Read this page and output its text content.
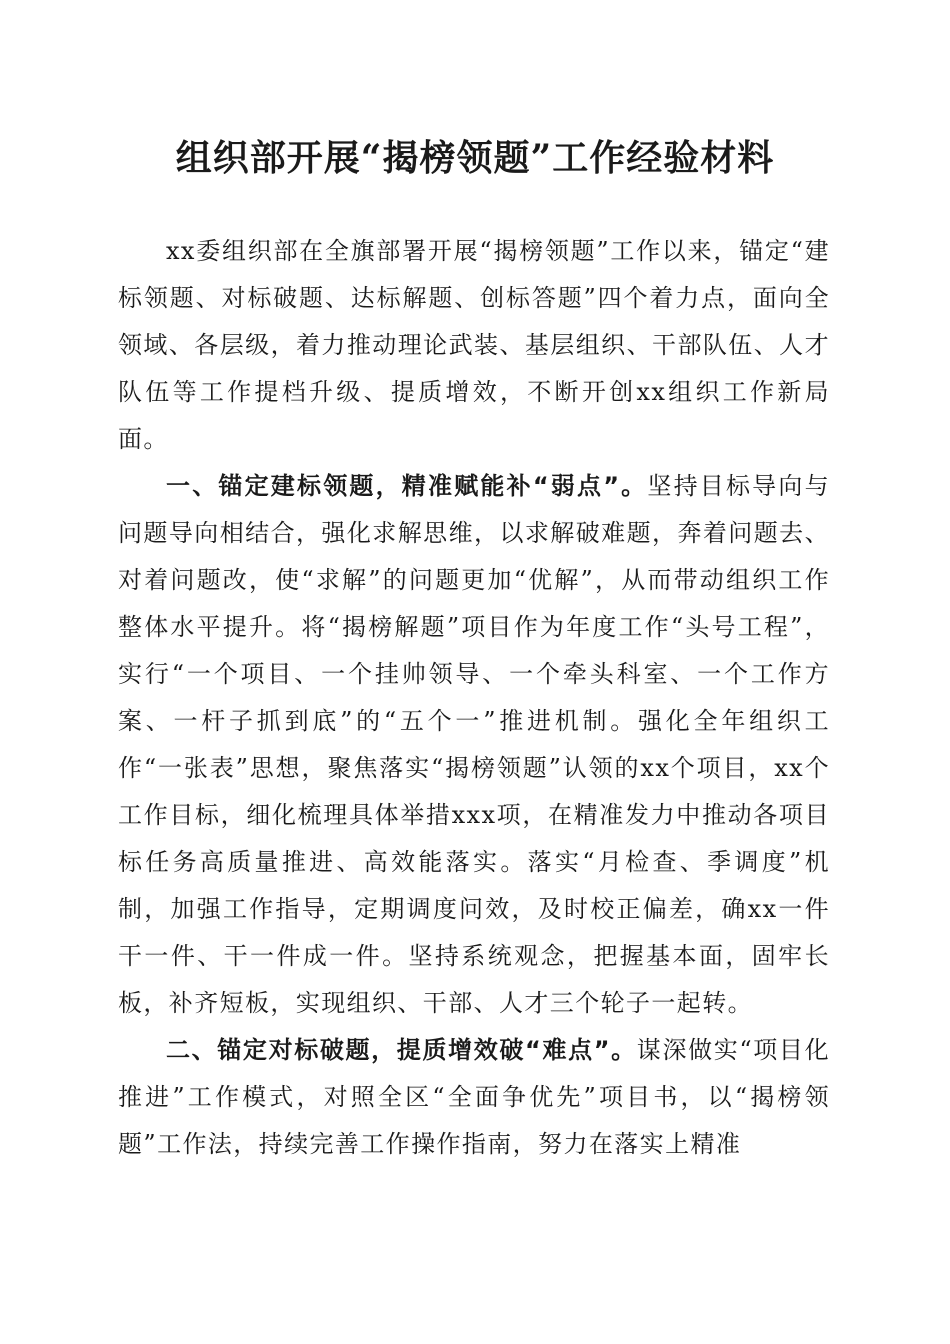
组织部开展“揭榜领题”工作经验材料

xx委组织部在全旗部署开展“揭榜领题”工作以来，锚定“建标领题、对标破题、达标解题、创标答题”四个着力点，面向全领域、各层级，着力推动理论武装、基层组织、干部队伍、人才队伍等工作提档升级、提质增效，不断开创xx组织工作新局面。

一、锚定建标领题，精准赋能补“弱点”。坚持目标导向与问题导向相结合，强化求解思维，以求解破难题，奔着问题去、对着问题改，使“求解”的问题更加“优解”，从而带动组织工作整体水平提升。将“揭榜解题”项目作为年度工作“头号工程”，实行“一个项目、一个挂帅领导、一个牵头科室、一个工作方案、一杆子抓到底”的“五个一”推进机制。强化全年组织工作“一张表”思想，聚焦落实“揭榜领题”认领的xx个项目，xx个工作目标，细化梳理具体举措xxx项，在精准发力中推动各项目标任务高质量推进、高效能落实。落实“月检查、季调度”机制，加强工作指导，定期调度问效，及时校正偏差，确xx一件干一件、干一件成一件。坚持系统观念，把握基本面，固牢长板，补齐短板，实现组织、干部、人才三个轮子一起转。

二、锚定对标破题，提质增效破“难点”。谋深做实“项目化推进”工作模式，对照全区“全面争优先”项目书，以“揭榜领题”工作法，持续完善工作操作指南，努力在落实上精准
